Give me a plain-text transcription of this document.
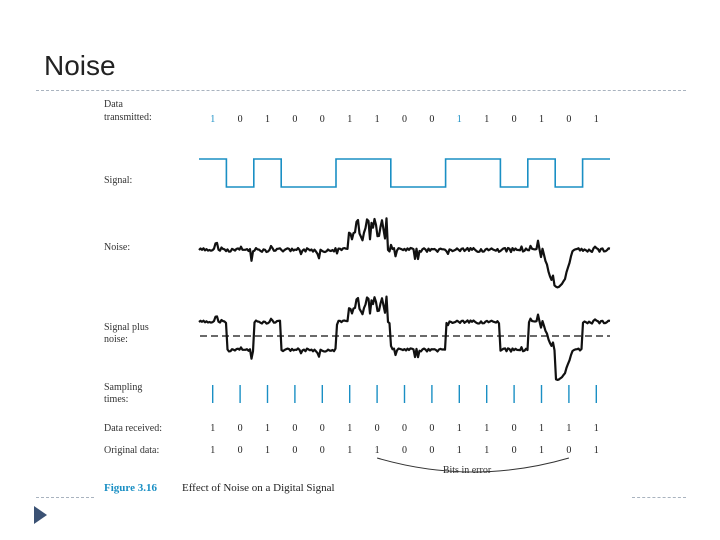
Noise
Data
transmitted:	1 0 1 0 0 1 1 0 0 1 1 0 1 0 1
Signal:
Noise:
Signal plus
noise:
Sampling
times:
Data received:	1 0 1 0 0 1 0 0 0 1 1 0 1 1 1
Original data:	1 0 1 0 0 1 1 0 0 1 1 0 1 0 1
Bits in error
Figure 3.16 Effect of Noise on a Digital Signal
